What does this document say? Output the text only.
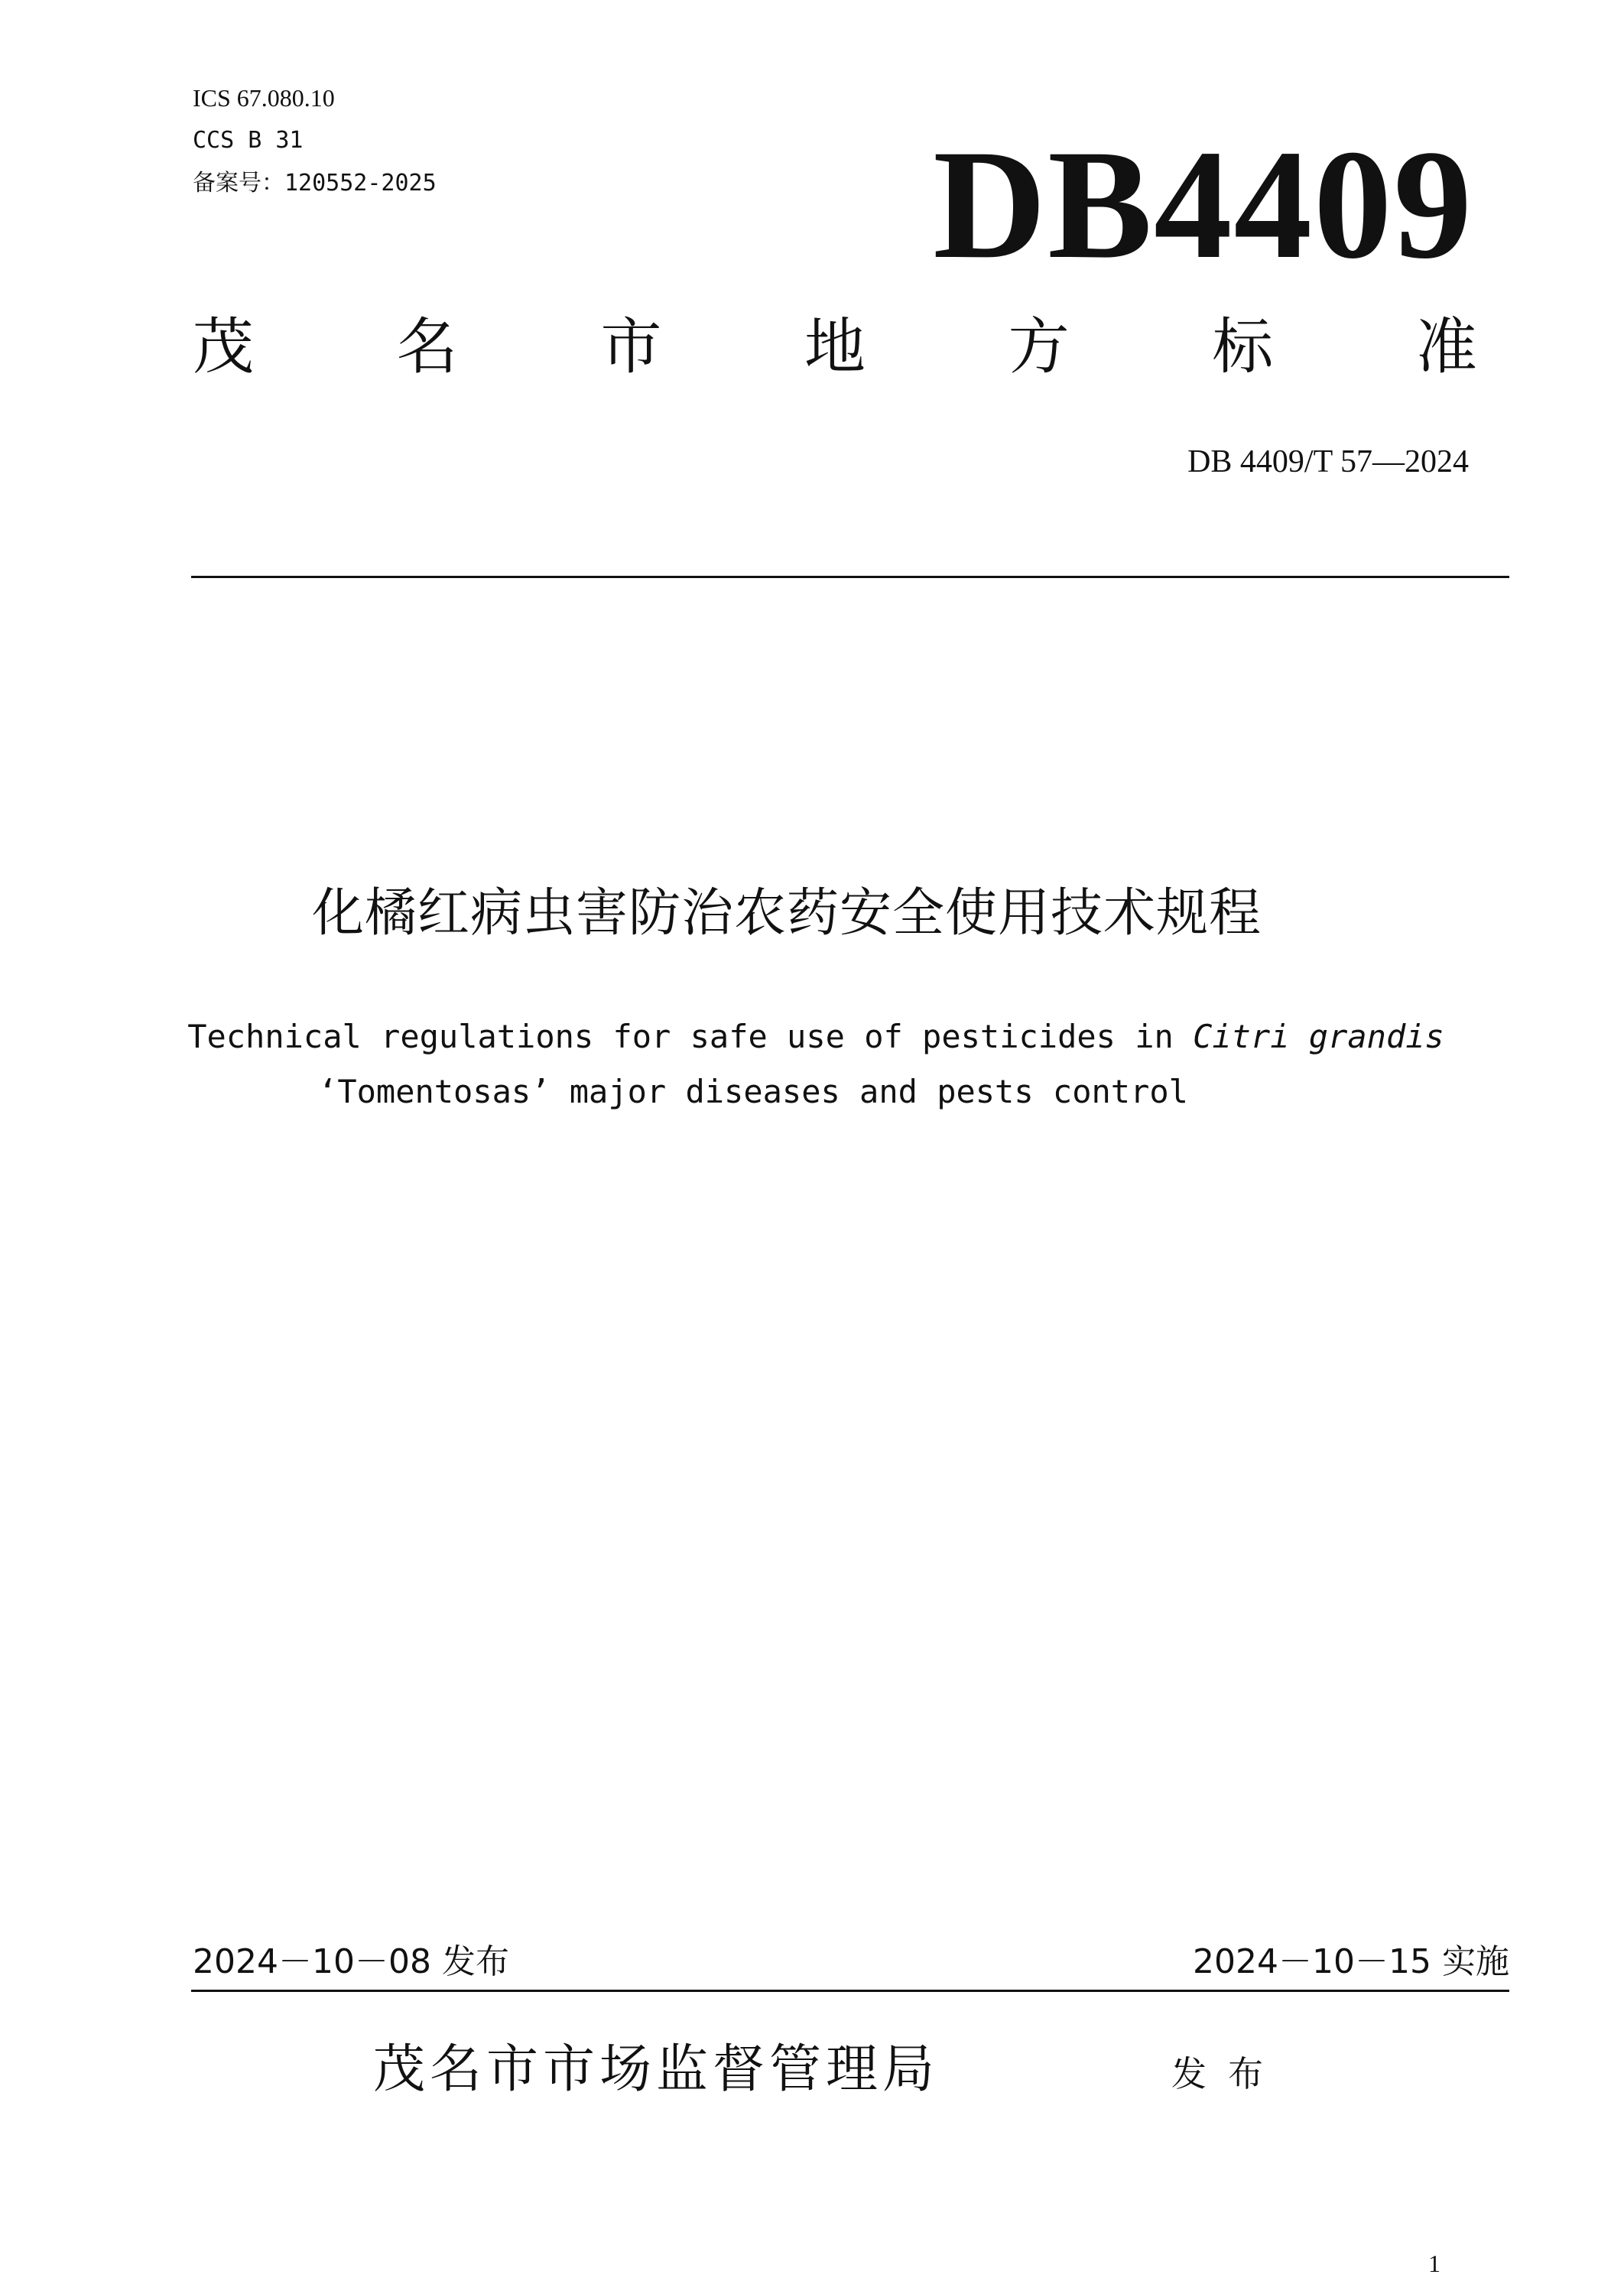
ICS 67.080.10
CCS B 31
备案号：120552-2025	DB4409
茂 名 市 地 方 标 准
DB 4409/T 57—2024
化橘红病虫害防治农药安全使用技术规程
Technical regulations for safe use of pesticides in Citri grandis
‘Tomentosas’ major diseases and pests control
2024－10－08 发布	2024－10－15 实施
茂名市市场监督管理局	发布
1
